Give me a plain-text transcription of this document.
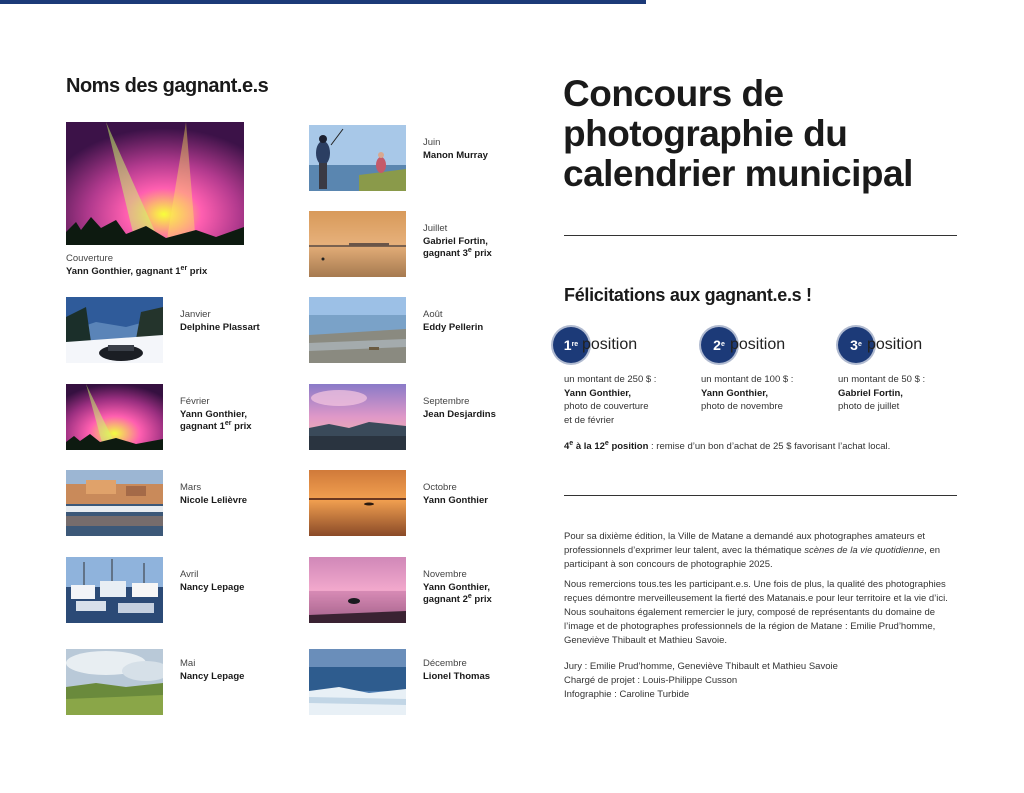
Noms des gagnant.e.s
Couverture
Yann Gonthier, gagnant 1er prix
Janvier
Delphine Plassart
Février
Yann Gonthier,
gagnant 1er prix
Mars
Nicole Lelièvre
Avril
Nancy Lepage
Mai
Nancy Lepage
Juin
Manon Murray
Juillet
Gabriel Fortin,
gagnant 3e prix
Août
Eddy Pellerin
Septembre
Jean Desjardins
Octobre
Yann Gonthier
Novembre
Yann Gonthier,
gagnant 2e prix
Décembre
Lionel Thomas
Concours de photographie du calendrier municipal
Félicitations aux gagnant.e.s !
1 re position	2 e position	3 e position
un montant de 250 $ :
Yann Gonthier,
photo de couverture
et de février
un montant de 100 $ :
Yann Gonthier,
photo de novembre
un montant de 50 $ :
Gabriel Fortin,
photo de juillet
4e à la 12e position : remise d’un bon d’achat de 25 $ favorisant l’achat local.
Pour sa dixième édition, la Ville de Matane a demandé aux photographes amateurs et professionnels d’exprimer leur talent, avec la thématique scènes de la vie quotidienne, en participant à son concours de photographie 2025.
Nous remercions tous.tes les participant.e.s. Une fois de plus, la qualité des photographies reçues démontre merveilleusement la fierté des Matanais.e pour leur territoire et la vie d’ici. Nous souhaitons également remercier le jury, composé de représentants du domaine de l’image et de photographes professionnels de la région de Matane : Emilie Prud’homme, Geneviève Thibault et Mathieu Savoie.
Jury : Emilie Prud’homme, Geneviève Thibault et Mathieu Savoie
Chargé de projet : Louis-Philippe Cusson
Infographie : Caroline Turbide
